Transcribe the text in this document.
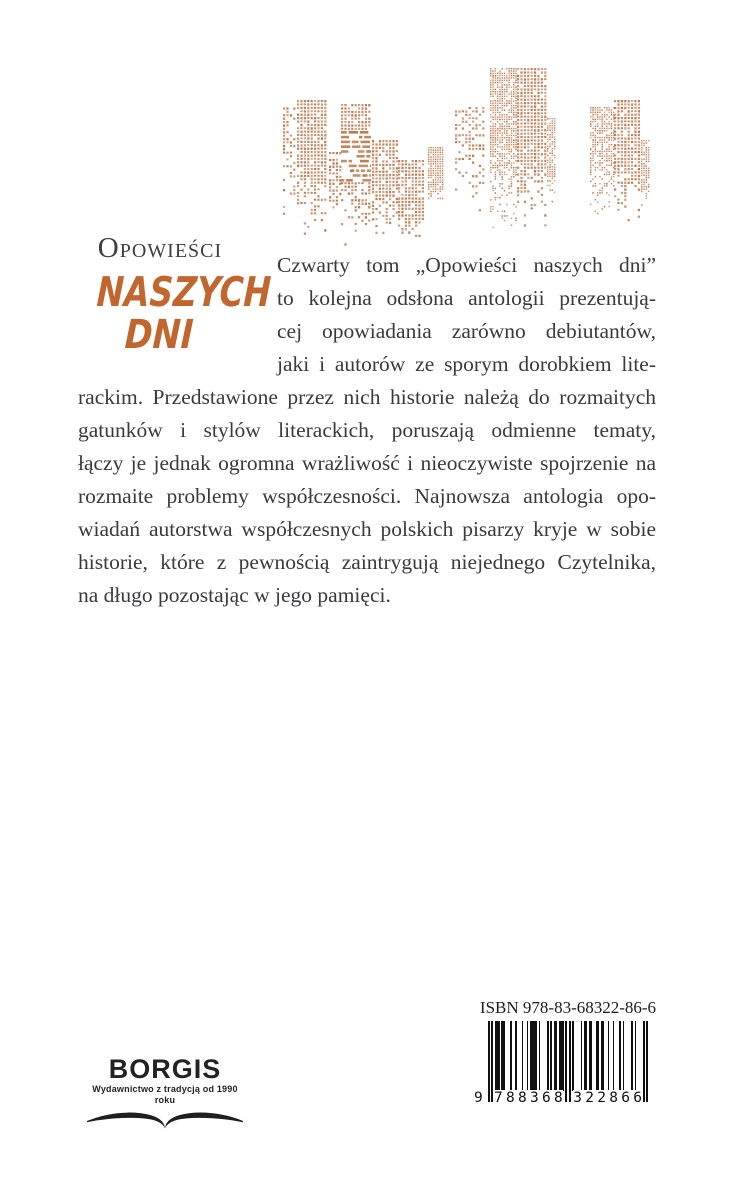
Opowieści
NASZYCH
DNI
Czwarty tom „Opowieści naszych dni”
to kolejna odsłona antologii prezentują-
cej opowiadania zarówno debiutantów,
jaki i autorów ze sporym dorobkiem lite-
rackim. Przedstawione przez nich historie należą do rozmaitych
gatunków i stylów literackich, poruszają odmienne tematy,
łączy je jednak ogromna wrażliwość i nieoczywiste spojrzenie na
rozmaite problemy współczesności. Najnowsza antologia opo-
wiadań autorstwa współczesnych polskich pisarzy kryje w sobie
historie, które z pewnością zaintrygują niejednego Czytelnika,
na długo pozostając w jego pamięci.
BORGIS
Wydawnictwo z tradycją od 1990 roku
ISBN 978-83-68322-86-6
9 7 8 8 3 6 8 3 2 2 8 6 6
